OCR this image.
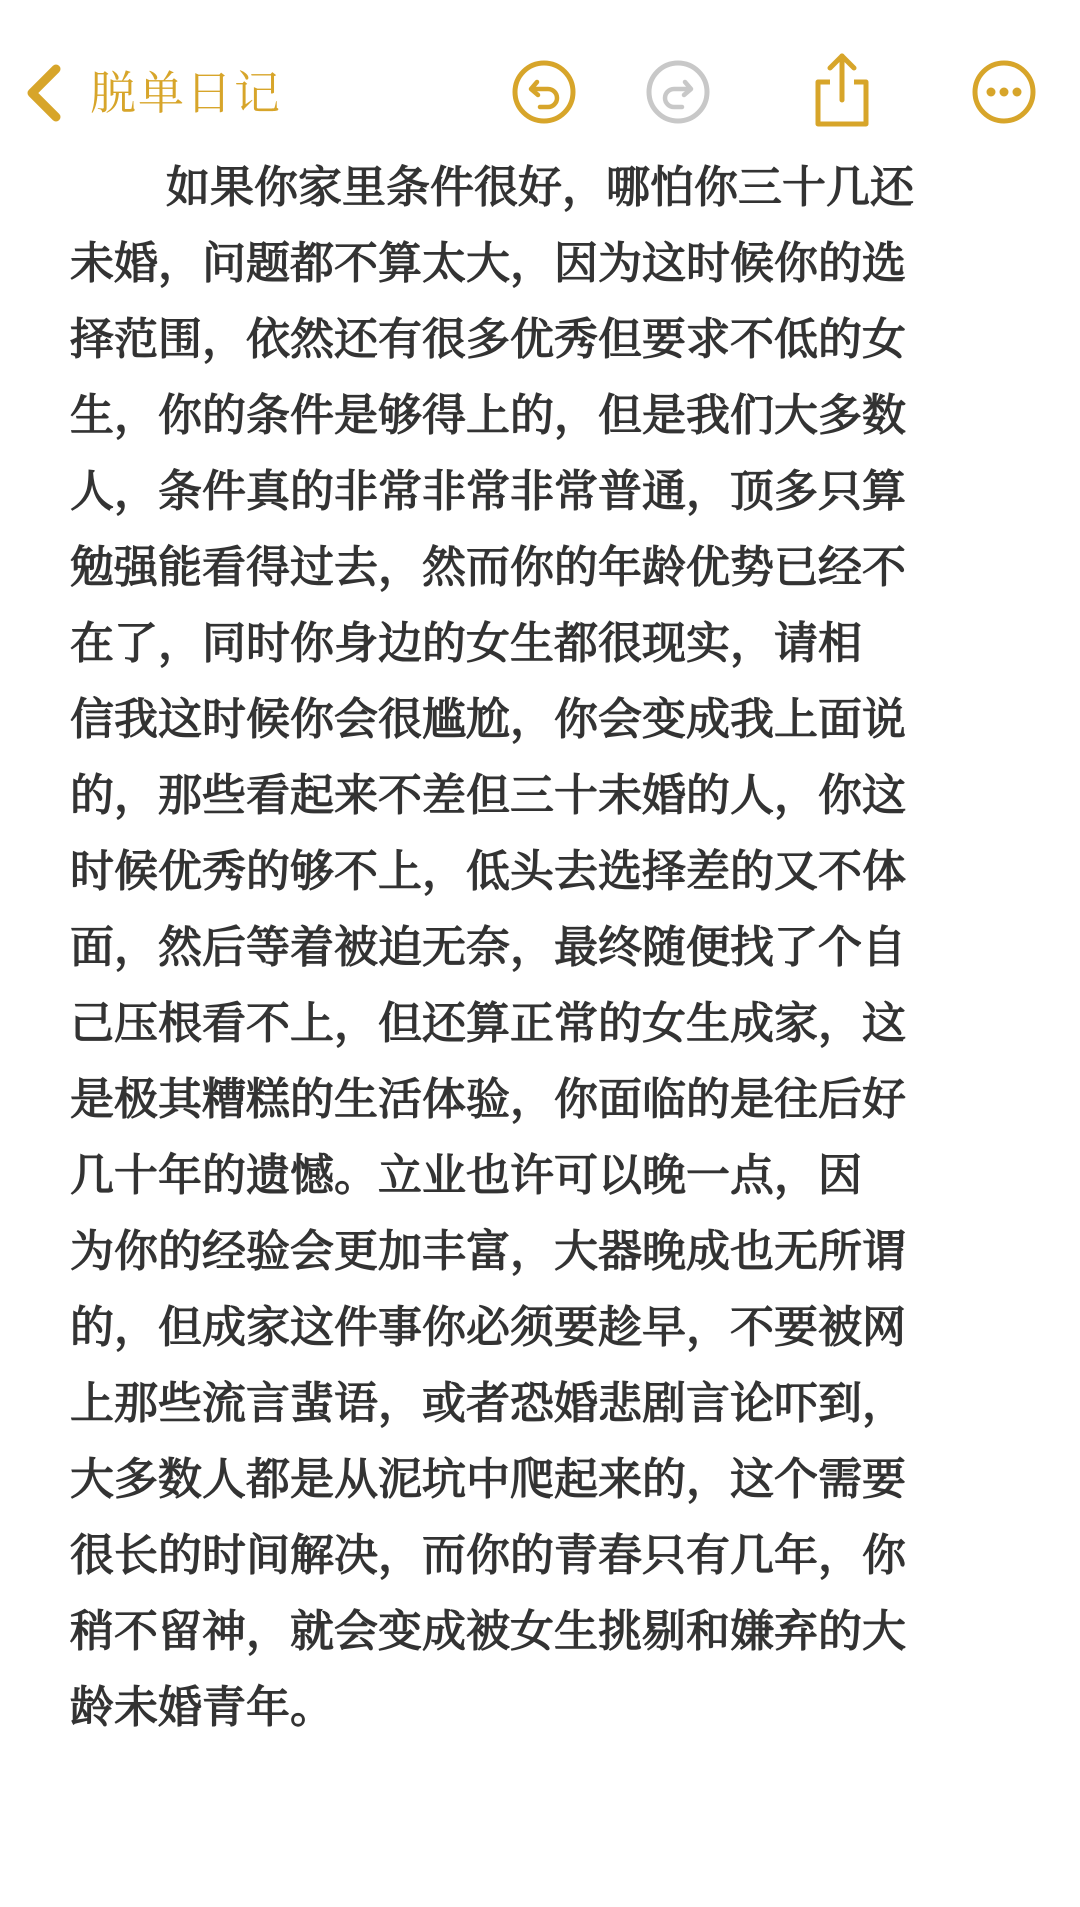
脱单日记
如果你家里条件很好，哪怕你三十几还
未婚，问题都不算太大，因为这时候你的选
择范围，依然还有很多优秀但要求不低的女
生，你的条件是够得上的，但是我们大多数
人，条件真的非常非常非常普通，顶多只算
勉强能看得过去，然而你的年龄优势已经不
在了，同时你身边的女生都很现实，请相
信我这时候你会很尴尬，你会变成我上面说
的，那些看起来不差但三十未婚的人，你这
时候优秀的够不上，低头去选择差的又不体
面，然后等着被迫无奈，最终随便找了个自
己压根看不上，但还算正常的女生成家，这
是极其糟糕的生活体验，你面临的是往后好
几十年的遗憾。立业也许可以晚一点，因
为你的经验会更加丰富，大器晚成也无所谓
的，但成家这件事你必须要趁早，不要被网
上那些流言蜚语，或者恐婚悲剧言论吓到，
大多数人都是从泥坑中爬起来的，这个需要
很长的时间解决，而你的青春只有几年，你
稍不留神，就会变成被女生挑剔和嫌弃的大
龄未婚青年。
